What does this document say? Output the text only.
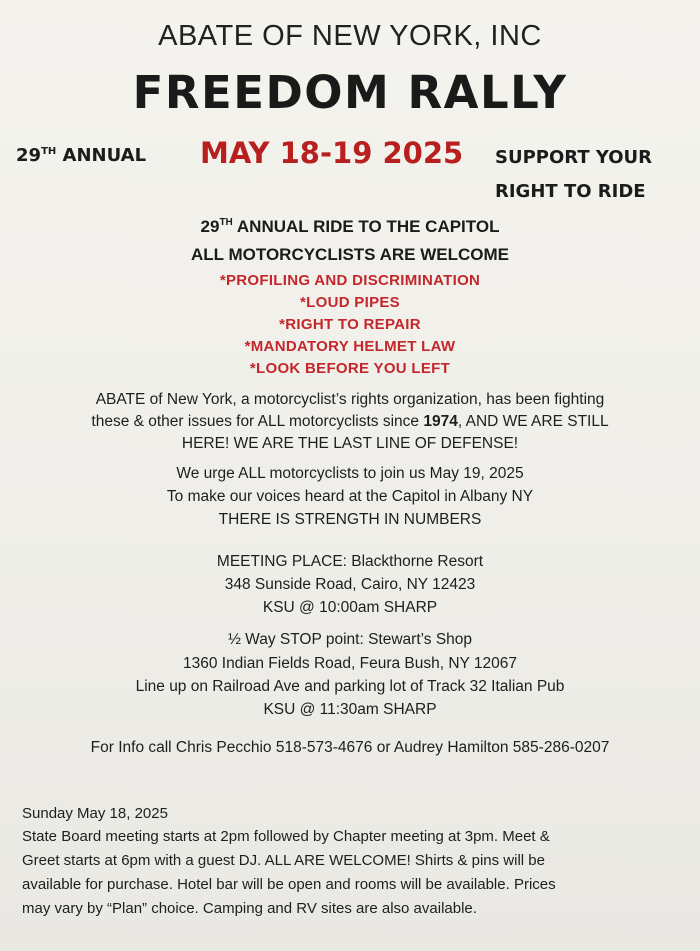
ABATE OF NEW YORK, INC
FREEDOM RALLY
29TH ANNUAL MAY 18-19 2025 SUPPORT YOUR
RIGHT TO RIDE
29TH ANNUAL RIDE TO THE CAPITOL
ALL MOTORCYCLISTS ARE WELCOME
*PROFILING AND DISCRIMINATION
*LOUD PIPES
*RIGHT TO REPAIR
*MANDATORY HELMET LAW
*LOOK BEFORE YOU LEFT
ABATE of New York, a motorcyclist’s rights organization, has been fighting
these & other issues for ALL motorcyclists since 1974, AND WE ARE STILL
HERE! WE ARE THE LAST LINE OF DEFENSE!
We urge ALL motorcyclists to join us May 19, 2025
To make our voices heard at the Capitol in Albany NY
THERE IS STRENGTH IN NUMBERS
MEETING PLACE: Blackthorne Resort
348 Sunside Road, Cairo, NY 12423
KSU @ 10:00am SHARP
½ Way STOP point: Stewart’s Shop
1360 Indian Fields Road, Feura Bush, NY 12067
Line up on Railroad Ave and parking lot of Track 32 Italian Pub
KSU @ 11:30am SHARP
For Info call Chris Pecchio 518-573-4676 or Audrey Hamilton 585-286-0207
Sunday May 18, 2025
State Board meeting starts at 2pm followed by Chapter meeting at 3pm. Meet &
Greet starts at 6pm with a guest DJ. ALL ARE WELCOME! Shirts & pins will be
available for purchase. Hotel bar will be open and rooms will be available. Prices
may vary by “Plan” choice. Camping and RV sites are also available.
